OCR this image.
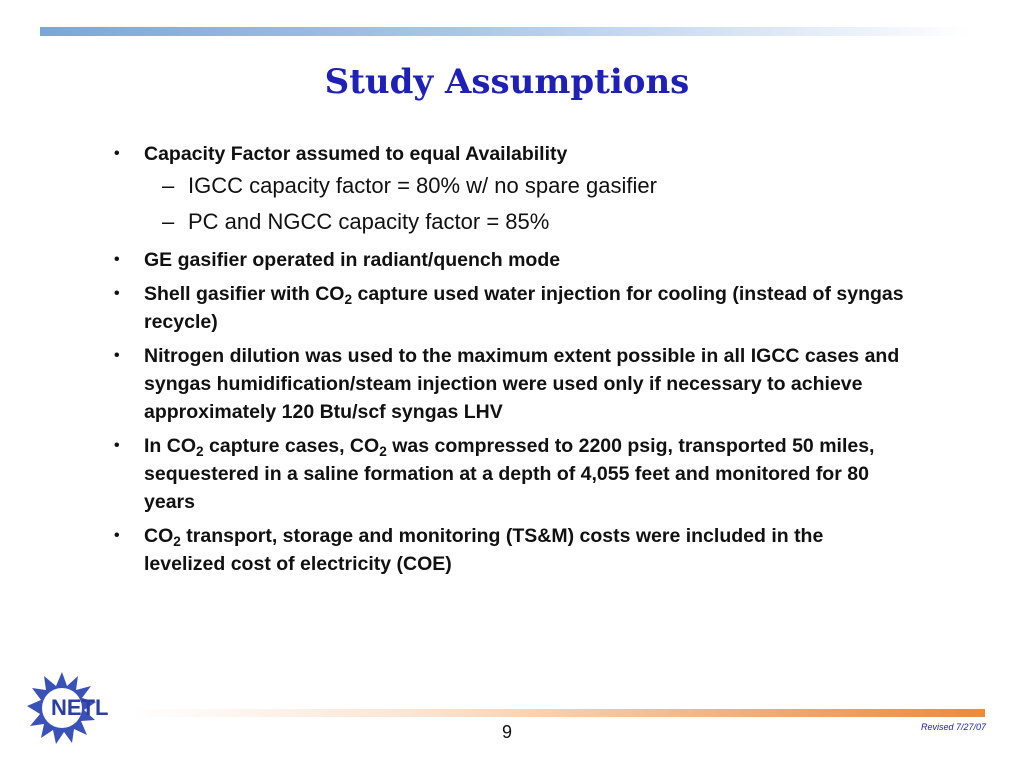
Study Assumptions
• Capacity Factor assumed to equal Availability
– IGCC capacity factor = 80% w/ no spare gasifier
– PC and NGCC capacity factor = 85%
• GE gasifier operated in radiant/quench mode
• Shell gasifier with $CO_2$ capture used water injection for cooling (instead of syngas recycle)
• Nitrogen dilution was used to the maximum extent possible in all IGCC cases and syngas humidification/steam injection were used only if necessary to achieve approximately 120 Btu/scf syngas LHV
• In $CO_2$ capture cases, $CO_2$ was compressed to 2200 psig, transported 50 miles, sequestered in a saline formation at a depth of 4,055 feet and monitored for 80 years
• $CO_2$ transport, storage and monitoring (TS&M) costs were included in the levelized cost of electricity (COE)
NETL
9	Revised 7/27/07
